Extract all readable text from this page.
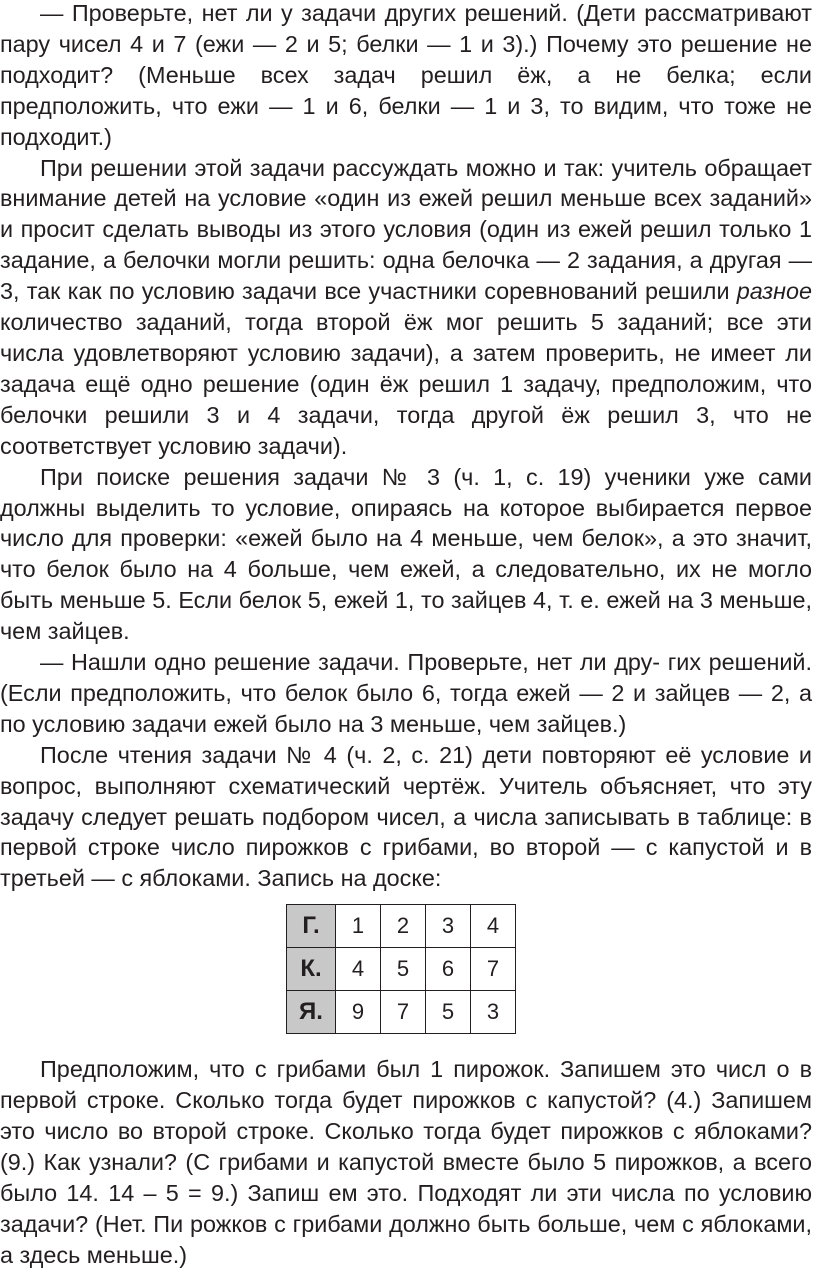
— Проверьте, нет ли у задачи других решений. (Дети рассматривают пару чисел 4 и 7 (ежи — 2 и 5; белки — 1 и 3).) Почему это решение не подходит? (Меньше всех задач решил ёж, а не белка; если предположить, что ежи — 1 и 6, белки — 1 и 3, то видим, что тоже не подходит.)

При решении этой задачи рассуждать можно и так: учитель обращает внимание детей на условие «один из ежей решил меньше всех заданий» и просит сделать выводы из этого условия (один из ежей решил только 1 задание, а белочки могли решить: одна белочка — 2 задания, а другая — 3, так как по условию задачи все участники соревнований решили разное количество заданий, тогда второй ёж мог решить 5 заданий; все эти числа удовлетворяют условию задачи), а затем проверить, не имеет ли задача ещё одно решение (один ёж решил 1 задачу, предположим, что белочки решили 3 и 4 задачи, тогда другой ёж решил 3, что не соответствует условию задачи).

При поиске решения задачи № 3 (ч. 1, с. 19) ученики уже сами должны выделить то условие, опираясь на которое выбирается первое число для проверки: «ежей было на 4 меньше, чем белок», а это значит, что белок было на 4 больше, чем ежей, а следовательно, их не могло быть меньше 5. Если белок 5, ежей 1, то зайцев 4, т. е. ежей на 3 меньше, чем зайцев.

— Нашли одно решение задачи. Проверьте, нет ли дру- гих решений. (Если предположить, что белок было 6, тогда ежей — 2 и зайцев — 2, а по условию задачи ежей было на 3 меньше, чем зайцев.)

После чтения задачи № 4 (ч. 2, с. 21) дети повторяют её условие и вопрос, выполняют схематический чертёж. Учитель объясняет, что эту задачу следует решать подбором чисел, а числа записывать в таблице: в первой строке число пирожков с грибами, во второй — с капустой и в третьей — с яблоками. Запись на доске:

Г.	1	2	3	4
К.	4	5	6	7
Я.	9	7	5	3

Предположим, что с грибами был 1 пирожок. Запишем это числ о в первой строке. Сколько тогда будет пирожков с капустой? (4.) Запишем это число во второй строке. Сколько тогда будет пирожков с яблоками? (9.) Как узнали? (С грибами и капустой вместе было 5 пирожков, а всего было 14. 14 – 5 = 9.) Запиш ем это. Подходят ли эти числа по условию задачи? (Нет. Пи рожков с грибами должно быть больше, чем с яблоками, а здесь меньше.)
